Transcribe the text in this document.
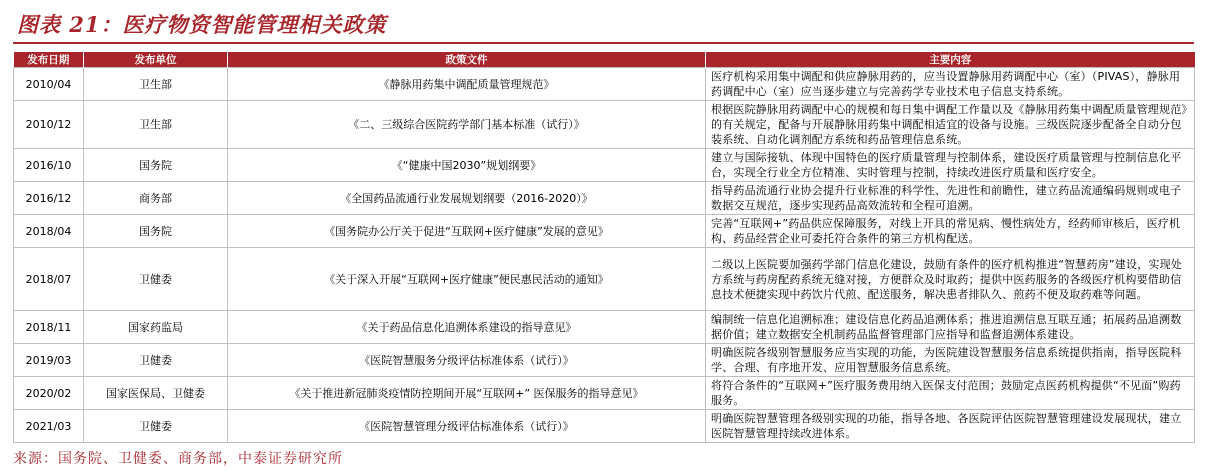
图表 21：医疗物资智能管理相关政策
发布日期	发布单位	政策文件	主要内容
2010/04	卫生部	《静脉用药集中调配质量管理规范》	医疗机构采用集中调配和供应静脉用药的，应当设置静脉用药调配中心（室）（PIVAS），静脉用药调配中心（室）应当逐步建立与完善药学专业技术电子信息支持系统。
2010/12	卫生部	《二、三级综合医院药学部门基本标准（试行）》	根据医院静脉用药调配中心的规模和每日集中调配工作量以及《静脉用药集中调配质量管理规范》的有关规定，配备与开展静脉用药集中调配相适宜的设备与设施。三级医院逐步配备全自动分包装系统、自动化调剂配方系统和药品管理信息系统。
2016/10	国务院	《“健康中国2030”规划纲要》	建立与国际接轨、体现中国特色的医疗质量管理与控制体系，建设医疗质量管理与控制信息化平台，实现全行业全方位精准、实时管理与控制，持续改进医疗质量和医疗安全。
2016/12	商务部	《全国药品流通行业发展规划纲要（2016-2020）》	指导药品流通行业协会提升行业标准的科学性、先进性和前瞻性，建立药品流通编码规则或电子数据交互规范，逐步实现药品高效流转和全程可追溯。
2018/04	国务院	《国务院办公厅关于促进“互联网+医疗健康”发展的意见》	完善“互联网+”药品供应保障服务，对线上开具的常见病、慢性病处方，经药师审核后，医疗机构、药品经营企业可委托符合条件的第三方机构配送。
2018/07	卫健委	《关于深入开展“互联网+医疗健康”便民惠民活动的通知》	二级以上医院要加强药学部门信息化建设，鼓励有条件的医疗机构推进“智慧药房”建设，实现处方系统与药房配药系统无缝对接，方便群众及时取药；提供中医药服务的各级医疗机构要借助信息技术便捷实现中药饮片代煎、配送服务，解决患者排队久、煎药不便及取药难等问题。
2018/11	国家药监局	《关于药品信息化追溯体系建设的指导意见》	编制统一信息化追溯标准；建设信息化药品追溯体系；推进追溯信息互联互通；拓展药品追溯数据价值；建立数据安全机制药品监督管理部门应指导和监督追溯体系建设。
2019/03	卫健委	《医院智慧服务分级评估标准体系（试行）》	明确医院各级别智慧服务应当实现的功能，为医院建设智慧服务信息系统提供指南，指导医院科学、合理、有序地开发、应用智慧服务信息系统。
2020/02	国家医保局、卫健委	《关于推进新冠肺炎疫情防控期间开展“互联网+” 医保服务的指导意见》	将符合条件的“互联网+”医疗服务费用纳入医保支付范围；鼓励定点医药机构提供“不见面”购药服务。
2021/03	卫健委	《医院智慧管理分级评估标准体系（试行）》	明确医院智慧管理各级别实现的功能，指导各地、各医院评估医院智慧管理建设发展现状，建立医院智慧管理持续改进体系。
来源：国务院、卫健委、商务部，中泰证券研究所
